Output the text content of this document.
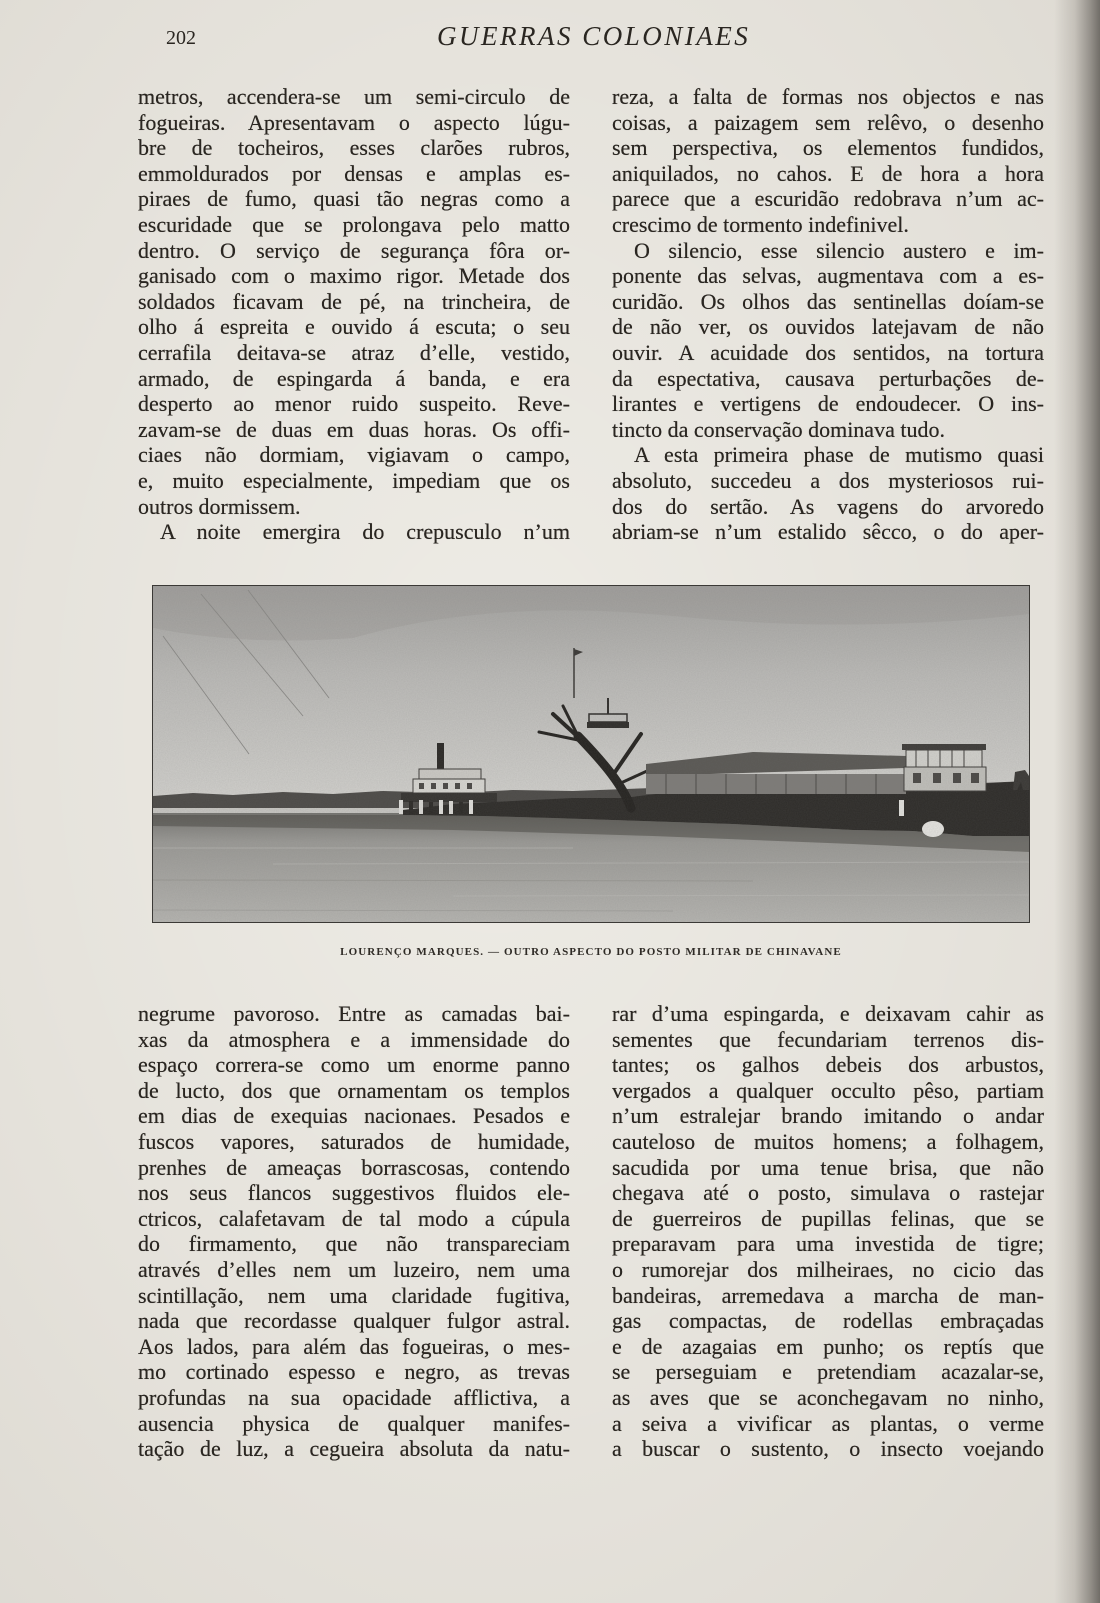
202	GUERRAS COLONIAES
metros, accendera-se um semi-circulo de
fogueiras. Apresentavam o aspecto lúgu-
bre de tocheiros, esses clarões rubros,
emmoldurados por densas e amplas es-
piraes de fumo, quasi tão negras como a
escuridade que se prolongava pelo matto
dentro. O serviço de segurança fôra or-
ganisado com o maximo rigor. Metade dos
soldados ficavam de pé, na trincheira, de
olho á espreita e ouvido á escuta; o seu
cerrafila deitava-se atraz d’elle, vestido,
armado, de espingarda á banda, e era
desperto ao menor ruido suspeito. Reve-
zavam-se de duas em duas horas. Os offi-
ciaes não dormiam, vigiavam o campo,
e, muito especialmente, impediam que os
outros dormissem.
A noite emergira do crepusculo n’um
reza, a falta de formas nos objectos e nas
coisas, a paizagem sem relêvo, o desenho
sem perspectiva, os elementos fundidos,
aniquilados, no cahos. E de hora a hora
parece que a escuridão redobrava n’um ac-
crescimo de tormento indefinivel.
O silencio, esse silencio austero e im-
ponente das selvas, augmentava com a es-
curidão. Os olhos das sentinellas doíam-se
de não ver, os ouvidos latejavam de não
ouvir. A acuidade dos sentidos, na tortura
da espectativa, causava perturbações de-
lirantes e vertigens de endoudecer. O ins-
tincto da conservação dominava tudo.
A esta primeira phase de mutismo quasi
absoluto, succedeu a dos mysteriosos rui-
dos do sertão. As vagens do arvoredo
abriam-se n’um estalido sêcco, o do aper-
LOURENÇO MARQUES. — OUTRO ASPECTO DO POSTO MILITAR DE CHINAVANE
negrume pavoroso. Entre as camadas bai-
xas da atmosphera e a immensidade do
espaço correra-se como um enorme panno
de lucto, dos que ornamentam os templos
em dias de exequias nacionaes. Pesados e
fuscos vapores, saturados de humidade,
prenhes de ameaças borrascosas, contendo
nos seus flancos suggestivos fluidos ele-
ctricos, calafetavam de tal modo a cúpula
do firmamento, que não transpareciam
através d’elles nem um luzeiro, nem uma
scintillação, nem uma claridade fugitiva,
nada que recordasse qualquer fulgor astral.
Aos lados, para além das fogueiras, o mes-
mo cortinado espesso e negro, as trevas
profundas na sua opacidade afflictiva, a
ausencia physica de qualquer manifes-
tação de luz, a cegueira absoluta da natu-
rar d’uma espingarda, e deixavam cahir as
sementes que fecundariam terrenos dis-
tantes; os galhos debeis dos arbustos,
vergados a qualquer occulto pêso, partiam
n’um estralejar brando imitando o andar
cauteloso de muitos homens; a folhagem,
sacudida por uma tenue brisa, que não
chegava até o posto, simulava o rastejar
de guerreiros de pupillas felinas, que se
preparavam para uma investida de tigre;
o rumorejar dos milheiraes, no cicio das
bandeiras, arremedava a marcha de man-
gas compactas, de rodellas embraçadas
e de azagaias em punho; os reptís que
se perseguiam e pretendiam acazalar-se,
as aves que se aconchegavam no ninho,
a seiva a vivificar as plantas, o verme
a buscar o sustento, o insecto voejando
